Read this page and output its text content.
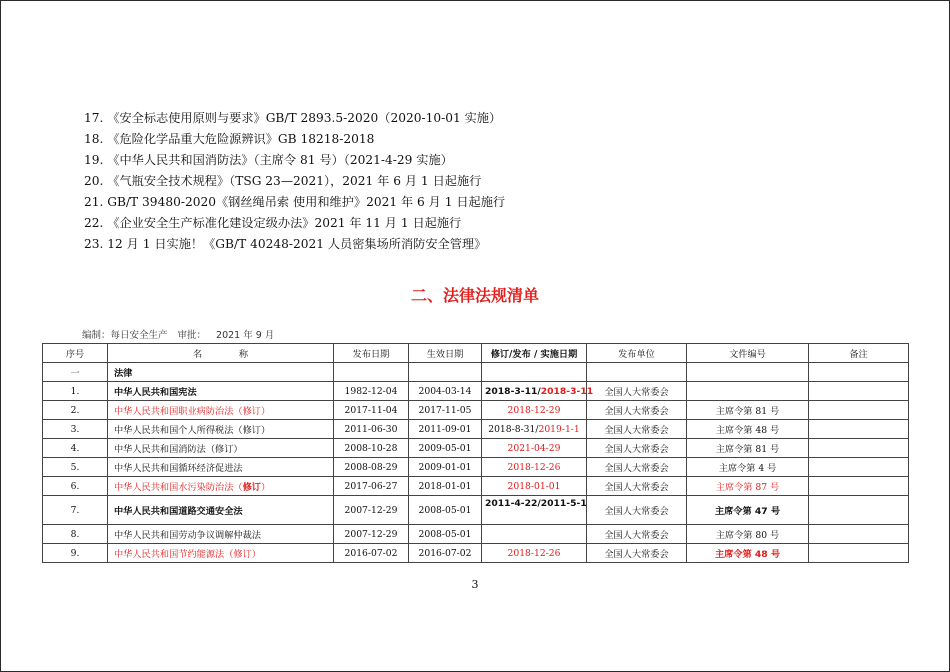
17. 《安全标志使用原则与要求》GB/T 2893.5-2020（2020-10-01 实施）
18. 《危险化学品重大危险源辨识》GB 18218-2018
19. 《中华人民共和国消防法》（主席令 81 号）（2021-4-29 实施）
20. 《气瓶安全技术规程》（TSG 23—2021），2021 年 6 月 1 日起施行
21. GB/T 39480-2020《钢丝绳吊索 使用和维护》2021 年 6 月 1 日起施行
22. 《企业安全生产标准化建设定级办法》2021 年 11 月 1 日起施行
23. 12 月 1 日实施！《GB/T 40248-2021 人员密集场所消防安全管理》
二、法律法规清单
编制：每日安全生产 审批： 2021 年 9 月
序号	名　　　　称	发布日期	生效日期	修订/发布 / 实施日期	发布单位	文件编号	备注
一	法律						
1.	中华人民共和国宪法	1982-12-04	2004-03-14	2018-3-11/2018-3-11	全国人大常委会		
2.	中华人民共和国职业病防治法（修订）	2017-11-04	2017-11-05	2018-12-29	全国人大常委会	主席令第 81 号	
3.	中华人民共和国个人所得税法（修订）	2011-06-30	2011-09-01	2018-8-31/2019-1-1	全国人大常委会	主席令第 48 号	
4.	中华人民共和国消防法（修订）	2008-10-28	2009-05-01	2021-04-29	全国人大常委会	主席令第 81 号	
5.	中华人民共和国循环经济促进法	2008-08-29	2009-01-01	2018-12-26	全国人大常委会	主席令第 4 号	
6.	中华人民共和国水污染防治法（修订）	2017-06-27	2018-01-01	2018-01-01	全国人大常委会	主席令第 87 号	
7.	中华人民共和国道路交通安全法	2007-12-29	2008-05-01	2011-4-22/2011-5-1	全国人大常委会	主席令第 47 号	
8.	中华人民共和国劳动争议调解仲裁法	2007-12-29	2008-05-01		全国人大常委会	主席令第 80 号	
9.	中华人民共和国节约能源法（修订）	2016-07-02	2016-07-02	2018-12-26	全国人大常委会	主席令第 48 号	
3
